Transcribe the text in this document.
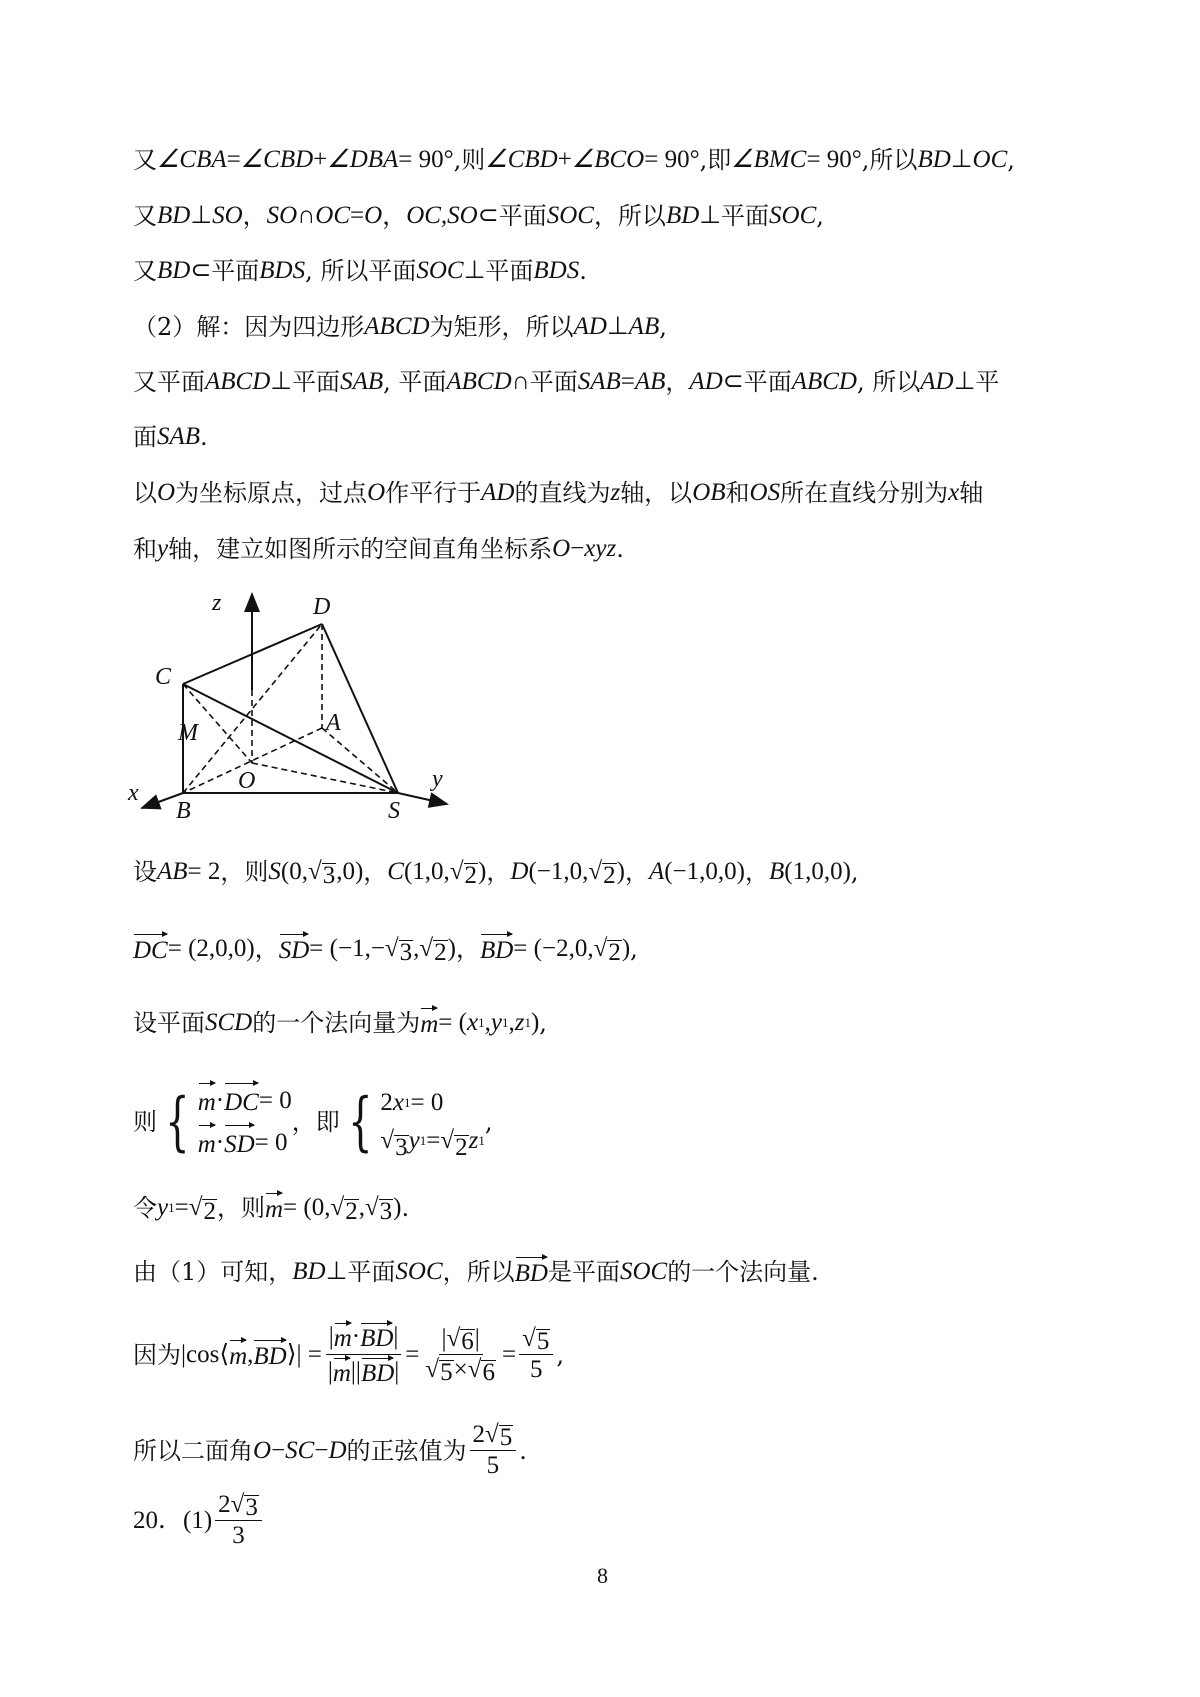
又 ∠CBA = ∠CBD + ∠DBA = 90° ,则 ∠CBD + ∠BCO = 90° ,即 ∠BMC = 90° ,所以 BD ⊥ OC ,
又 BD ⊥ SO ， SO ∩ OC = O ， OC,SO ⊂ 平面 SOC ，所以 BD ⊥ 平面 SOC ,
又 BD ⊂ 平面 BDS , 所以平面 SOC ⊥ 平面 BDS .
（2）解：因为四边形 ABCD 为矩形，所以 AD ⊥ AB ,
又平面 ABCD ⊥ 平面 SAB , 平面 ABCD ∩ 平面 SAB = AB ， AD ⊂ 平面 ABCD , 所以 AD ⊥ 平
面 SAB .
以 O 为坐标原点，过点 O 作平行于 AD 的直线为 z 轴，以 OB 和 OS 所在直线分别为 x 轴
和 y 轴，建立如图所示的空间直角坐标系 O − xyz .
设 AB = 2 ，则 S (0, √ 3 ,0) ， C (1,0, √ 2 ) ， D (−1,0, √ 2 ) ， A (−1,0,0) ， B (1,0,0) ,
DC = (2,0,0) ， SD = (−1,− √ 3 , √ 2 ) ， BD = (−2,0, √ 2 ) ,
设平面 SCD 的一个法向量为 m = ( x 1 , y 1 , z 1 ) ,
则 { m · DC = 0
m · SD = 0
，即 { 2 x 1 = 0
√ 3 y 1 = √ 2 z 1
,
令 y 1 = √ 2 ，则 m = (0, √ 2 , √ 3 ) .
由（1）可知， BD ⊥ 平面 SOC ，所以 BD 是平面 SOC 的一个法向量.
因为 |cos⟨ m , BD ⟩| = $\frac{| m \cdot BD |}{| m || BD |} = \frac{| √ 6 |}{√ 5 \times √ 6} = \frac{√ 5}{5}$ ,
所以二面角 O − SC − D 的正弦值为 $\frac{2 √ 5}{5}$ .
20．$(1) \frac{2 √ 3}{3}$
z	D
C
A
M
O
x
B	S
y
8
